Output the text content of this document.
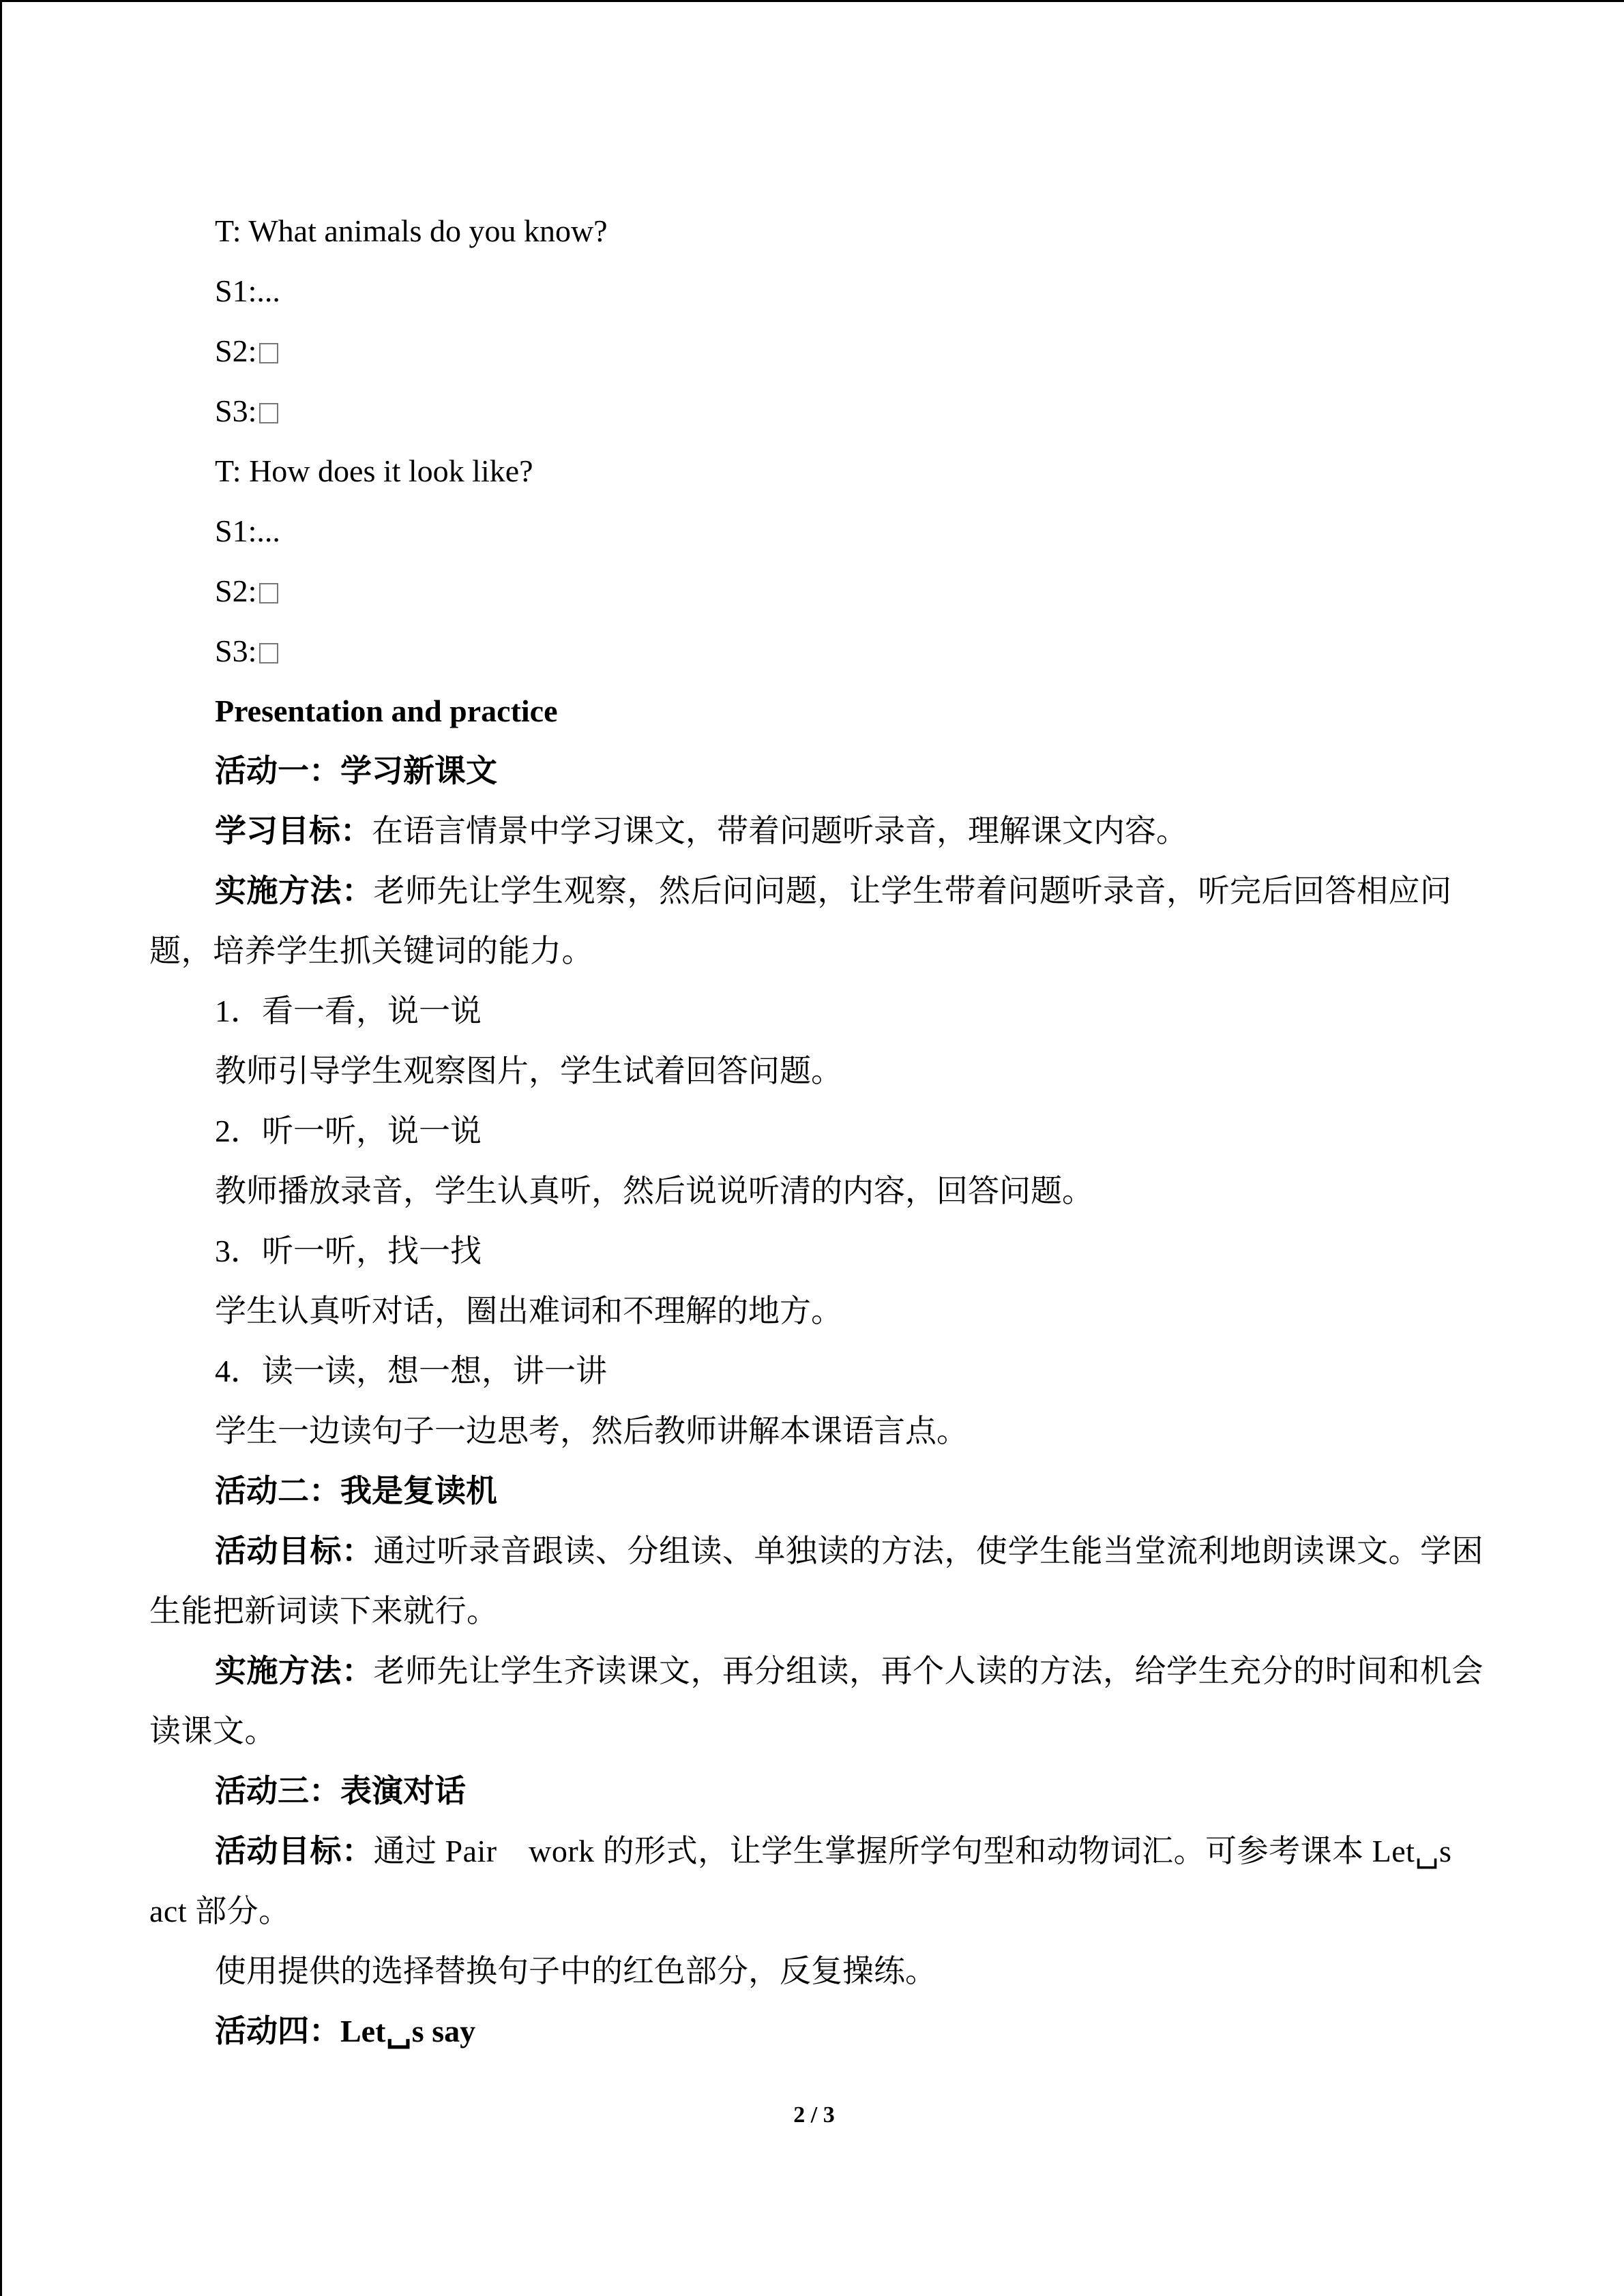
T: What animals do you know?

S1:...

S2:

S3:

T: How does it look like?

S1:...

S2:

S3:

Presentation and practice

活动一：学习新课文

学习目标：在语言情景中学习课文，带着问题听录音，理解课文内容。

实施方法：老师先让学生观察，然后问问题，让学生带着问题听录音，听完后回答相应问题，培养学生抓关键词的能力。

1．看一看，说一说

教师引导学生观察图片，学生试着回答问题。

2．听一听，说一说

教师播放录音，学生认真听，然后说说听清的内容，回答问题。

3．听一听，找一找

学生认真听对话，圈出难词和不理解的地方。

4．读一读，想一想，讲一讲

学生一边读句子一边思考，然后教师讲解本课语言点。

活动二：我是复读机

活动目标：通过听录音跟读、分组读、单独读的方法，使学生能当堂流利地朗读课文。学困生能把新词读下来就行。

实施方法：老师先让学生齐读课文，再分组读，再个人读的方法，给学生充分的时间和机会读课文。

活动三：表演对话

活动目标：通过 Pair　work 的形式，让学生掌握所学句型和动物词汇。可参考课本 Let␣s act 部分。

使用提供的选择替换句子中的红色部分，反复操练。

活动四：Let␣s say

2 / 3
